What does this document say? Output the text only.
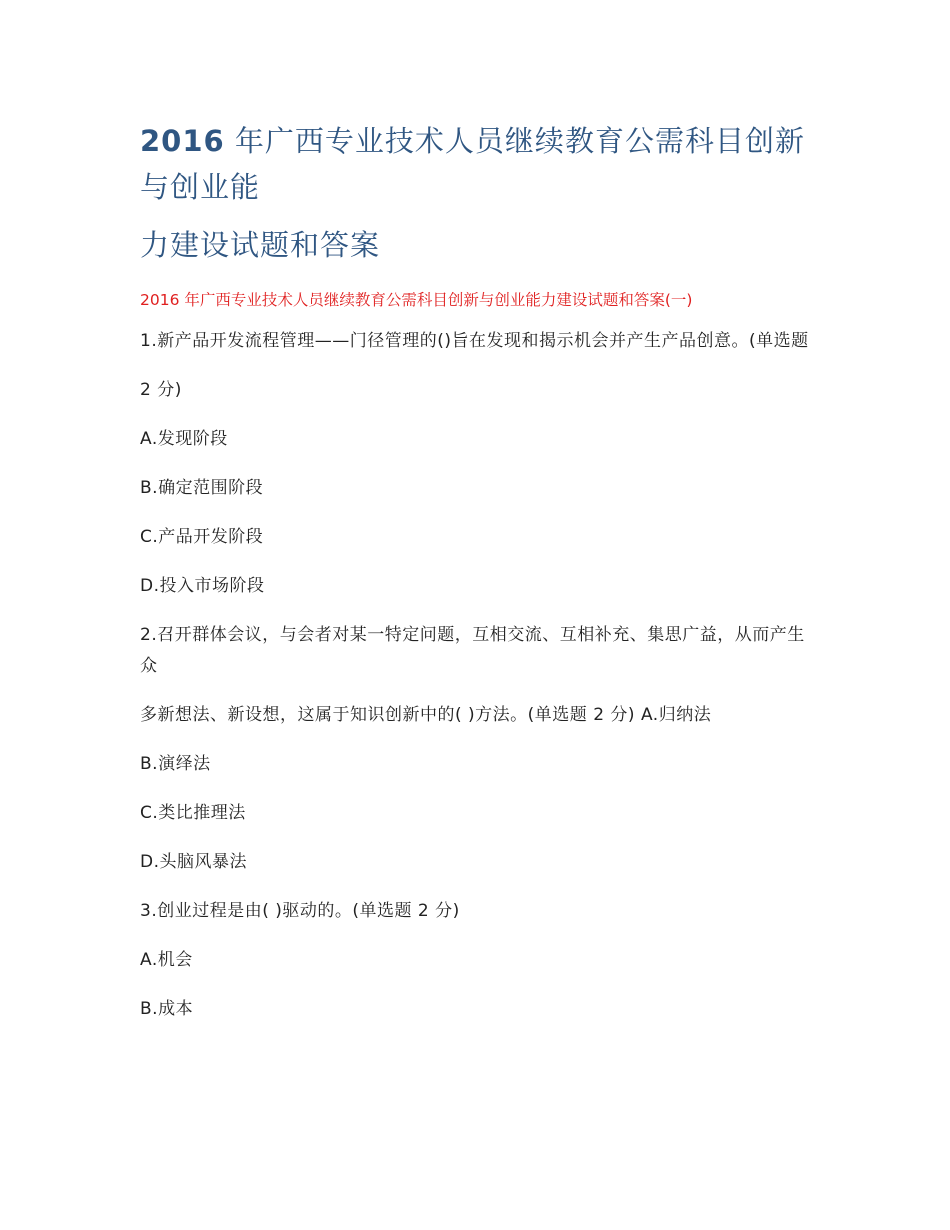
2016 年广西专业技术人员继续教育公需科目创新与创业能
力建设试题和答案

2016 年广西专业技术人员继续教育公需科目创新与创业能力建设试题和答案(一)

1.新产品开发流程管理——门径管理的()旨在发现和揭示机会并产生产品创意。(单选题

2 分)

A.发现阶段

B.确定范围阶段

C.产品开发阶段

D.投入市场阶段

2.召开群体会议，与会者对某一特定问题，互相交流、互相补充、集思广益，从而产生众

多新想法、新设想，这属于知识创新中的( )方法。(单选题 2 分) A.归纳法

B.演绎法

C.类比推理法

D.头脑风暴法

3.创业过程是由( )驱动的。(单选题 2 分)

A.机会

B.成本
